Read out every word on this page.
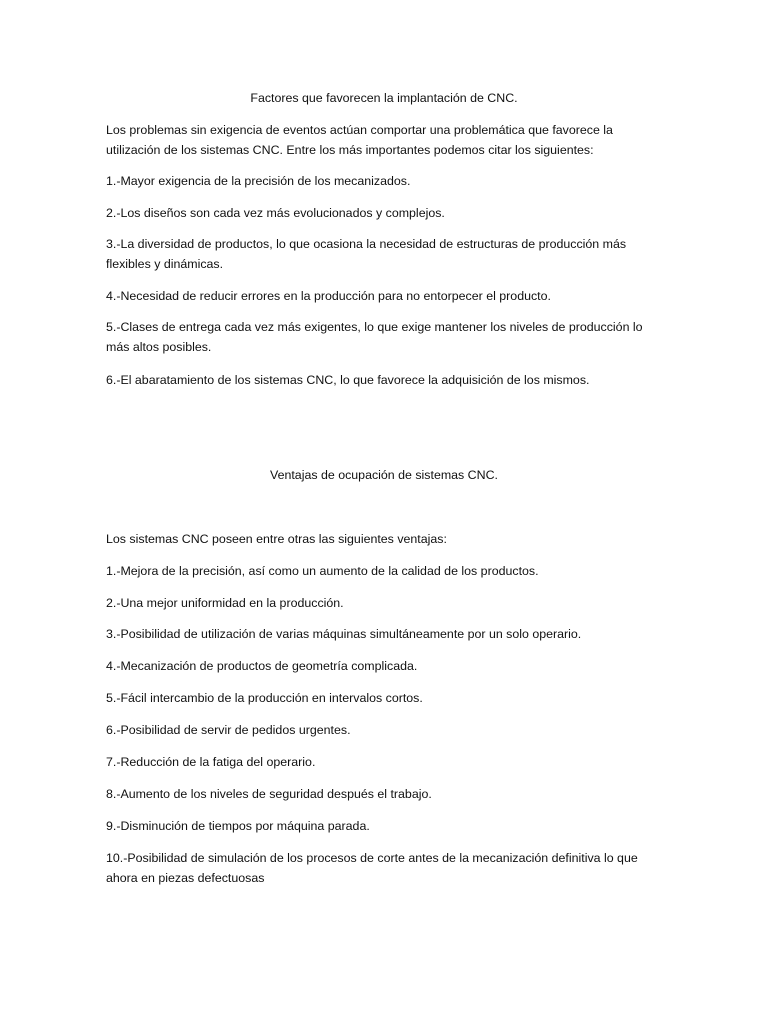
Factores que favorecen la implantación de CNC.

Los problemas sin exigencia de eventos actúan comportar una problemática que favorece la utilización de los sistemas CNC. Entre los más importantes podemos citar los siguientes:

1.-Mayor exigencia de la precisión de los mecanizados.

2.-Los diseños son cada vez más evolucionados y complejos.

3.-La diversidad de productos, lo que ocasiona la necesidad de estructuras de producción más flexibles y dinámicas.

4.-Necesidad de reducir errores en la producción para no entorpecer el producto.

5.-Clases de entrega cada vez más exigentes, lo que exige mantener los niveles de producción lo más altos posibles.

6.-El abaratamiento de los sistemas CNC, lo que favorece la adquisición de los mismos.

Ventajas de ocupación de sistemas CNC.

Los sistemas CNC poseen entre otras las siguientes ventajas:

1.-Mejora de la precisión, así como un aumento de la calidad de los productos.

2.-Una mejor uniformidad en la producción.

3.-Posibilidad de utilización de varias máquinas simultáneamente por un solo operario.

4.-Mecanización de productos de geometría complicada.

5.-Fácil intercambio de la producción en intervalos cortos.

6.-Posibilidad de servir de pedidos urgentes.

7.-Reducción de la fatiga del operario.

8.-Aumento de los niveles de seguridad después el trabajo.

9.-Disminución de tiempos por máquina parada.

10.-Posibilidad de simulación de los procesos de corte antes de la mecanización definitiva lo que ahora en piezas defectuosas
